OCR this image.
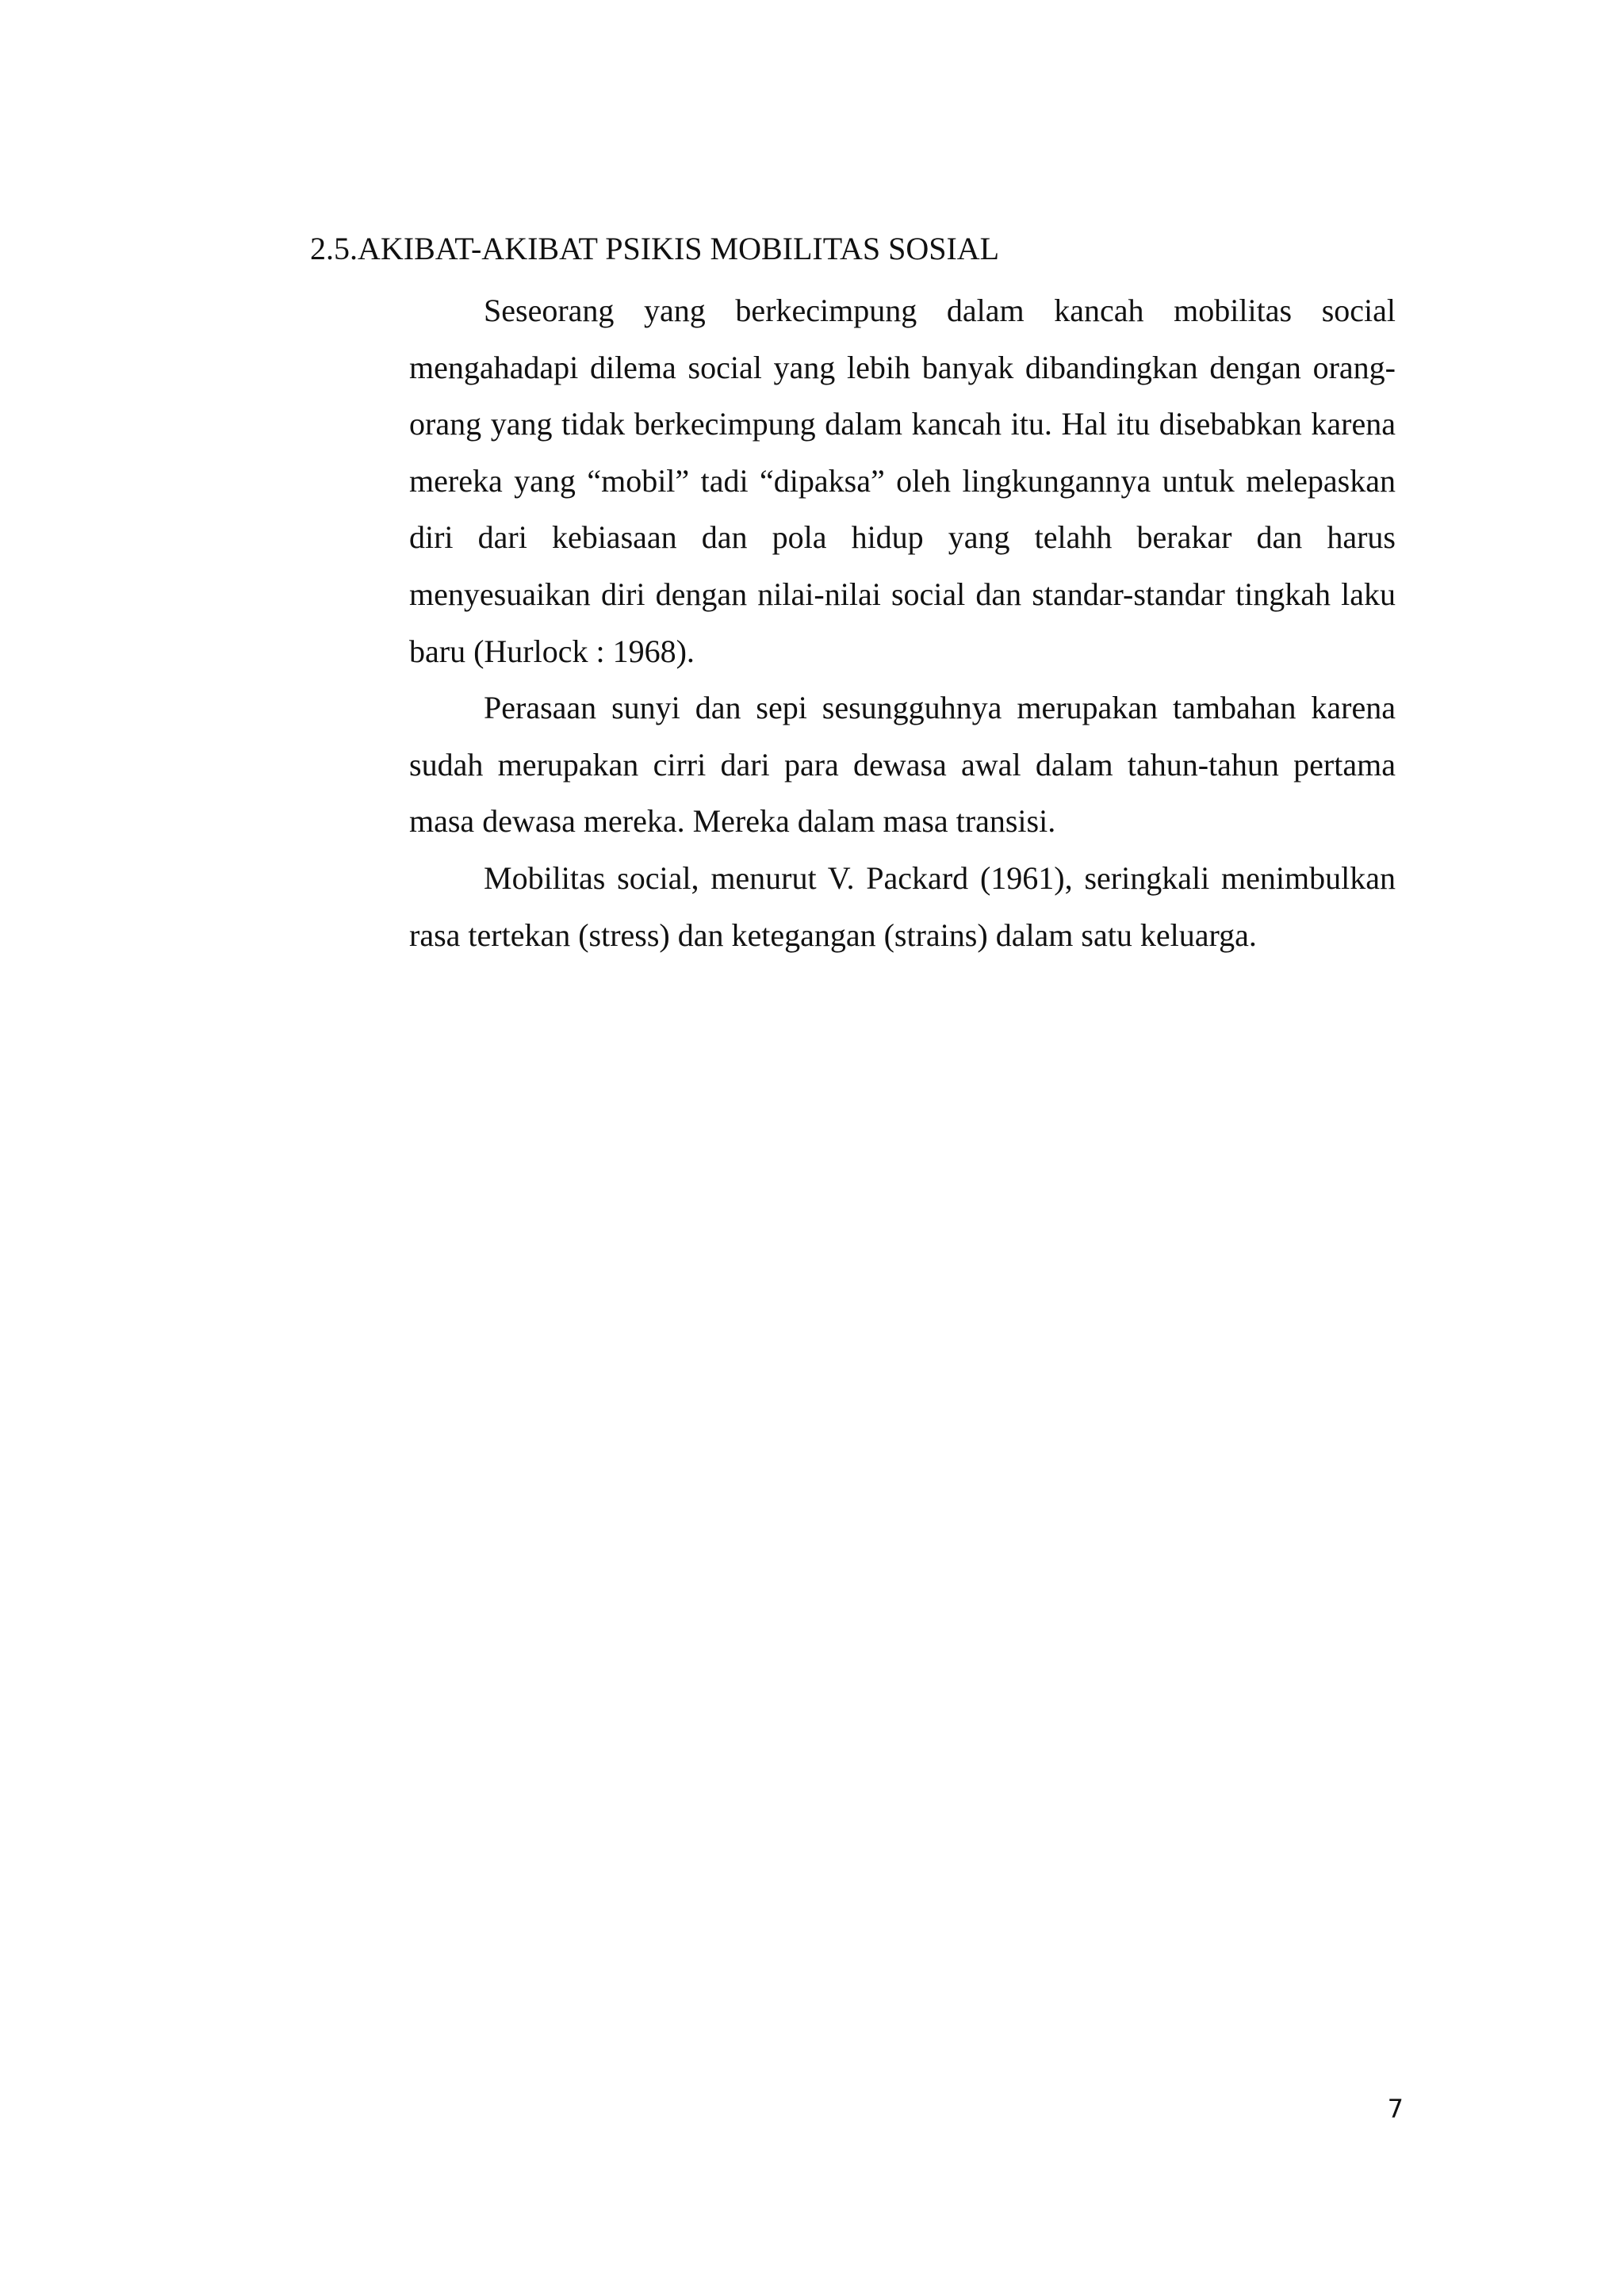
2.5.AKIBAT-AKIBAT PSIKIS MOBILITAS SOSIAL

Seseorang yang berkecimpung dalam kancah mobilitas social mengahadapi dilema social yang lebih banyak dibandingkan dengan orang-orang yang tidak berkecimpung dalam kancah itu. Hal itu disebabkan karena mereka yang “mobil” tadi “dipaksa” oleh lingkungannya untuk melepaskan diri dari kebiasaan dan pola hidup yang telahh berakar dan harus menyesuaikan diri dengan nilai-nilai social dan standar-standar tingkah laku baru (Hurlock : 1968).

Perasaan sunyi dan sepi sesungguhnya merupakan tambahan karena sudah merupakan cirri dari para dewasa awal dalam tahun-tahun pertama masa dewasa mereka. Mereka dalam masa transisi.

Mobilitas social, menurut V. Packard (1961), seringkali menimbulkan rasa tertekan (stress) dan ketegangan (strains) dalam satu keluarga.

7
